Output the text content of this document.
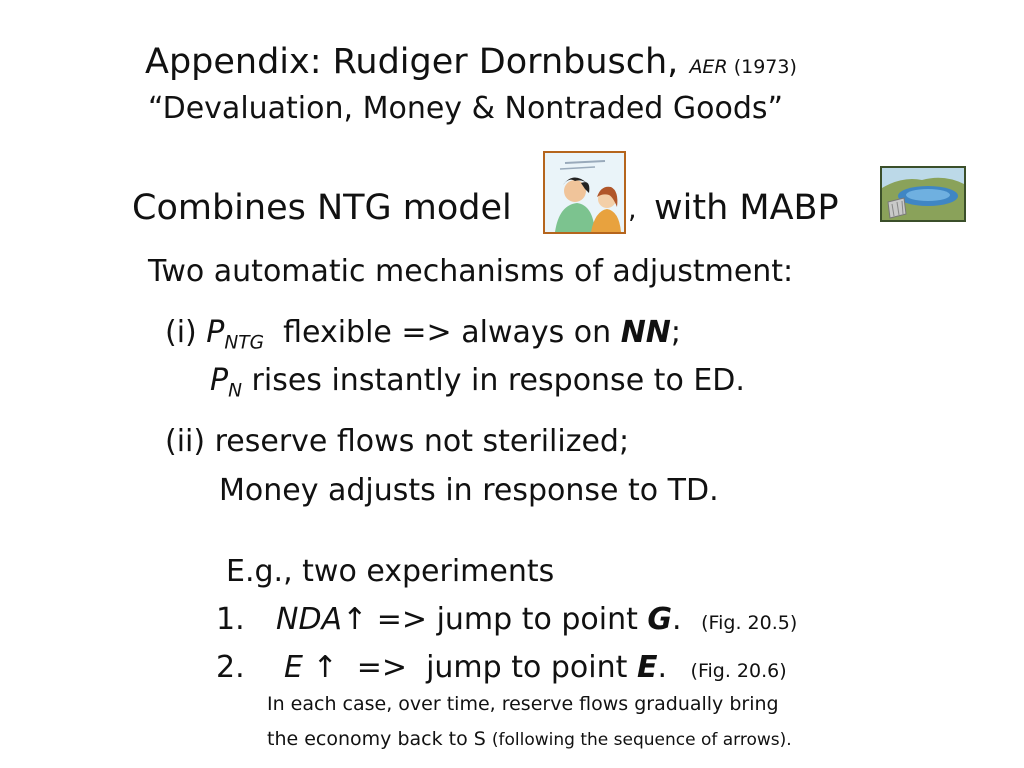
Appendix: Rudiger Dornbusch, AER (1973)
“Devaluation, Money & Nontraded Goods”
Combines NTG model	, with MABP
Two automatic mechanisms of adjustment:
(i) $P_{NTG}$  flexible => always on NN;
$P_N$ rises instantly in response to ED.
(ii) reserve flows not sterilized;
Money adjusts in response to TD.
E.g., two experiments
1. NDA↑ => jump to point G. (Fig. 20.5)
2. E ↑  =>  jump to point E. (Fig. 20.6)
In each case, over time, reserve flows gradually bring
the economy back to S (following the sequence of arrows).
